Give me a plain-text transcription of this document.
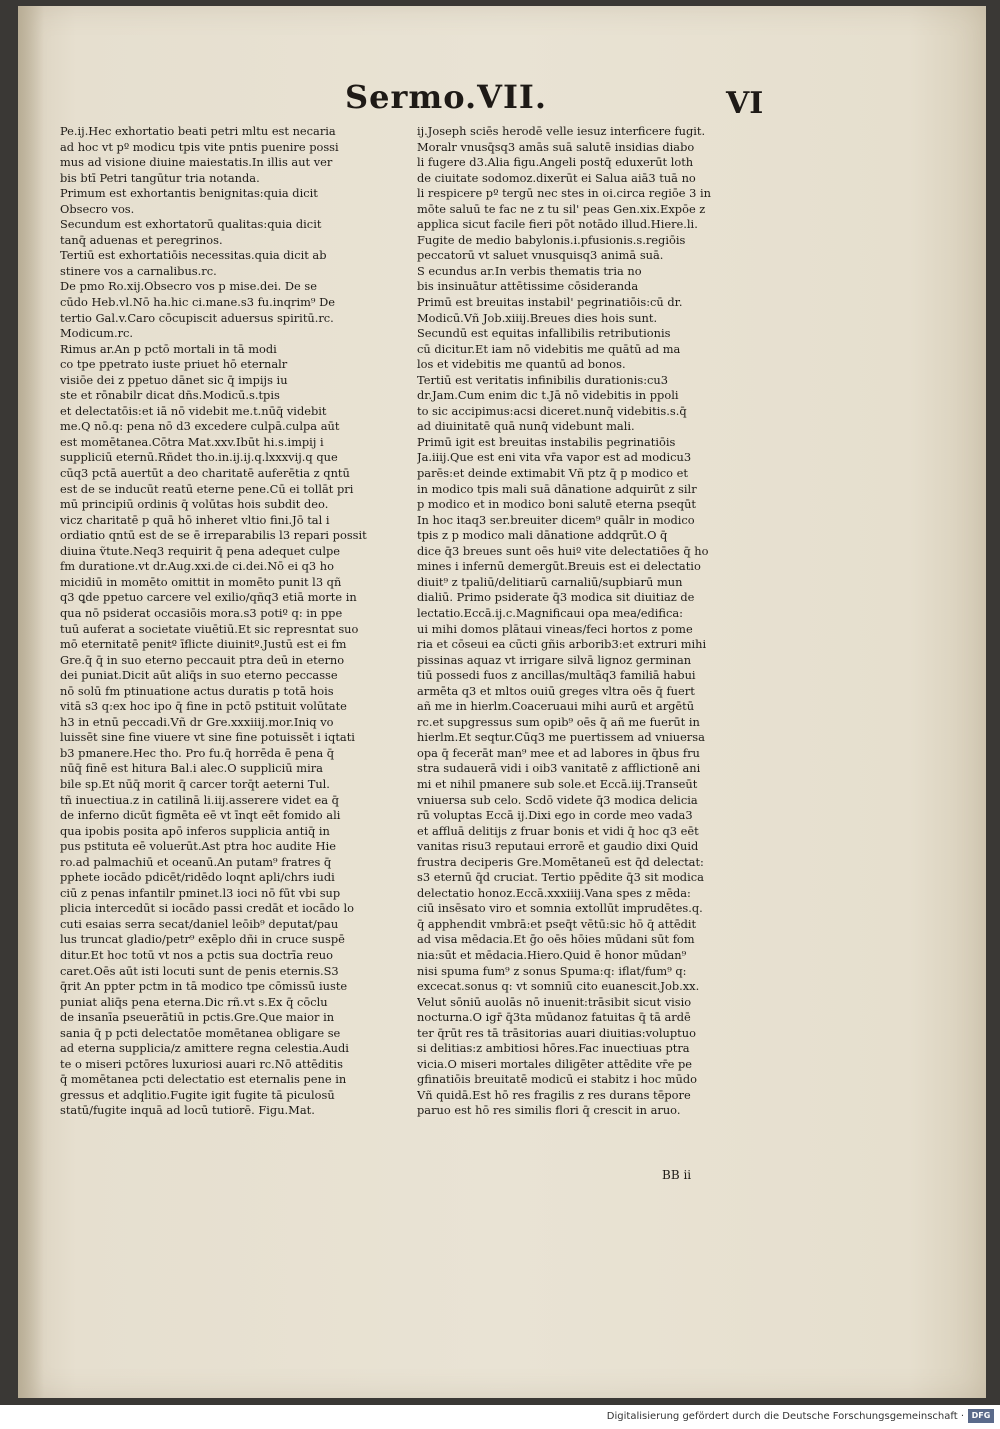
Sermo.VII.	VI
Pe.ij.Hec exhortatio beati petri mltu est necaria
ad hoc vt pº modicu tpis vite pntis puenire possi
mus ad visione diuine maiestatis.In illis aut ver
bis btī Petri tangūtur tria notanda.
Primum est exhortantis benignitas:quia dicit
Obsecro vos.
Secundum est exhortatorū qualitas:quia dicit
tanq̄ aduenas et peregrinos.
Tertiū est exhortatiōis necessitas.quia dicit ab
stinere vos a carnalibus.rc.
De pmo Ro.xij.Obsecro vos p mise.dei. De se
cūdo Heb.vl.Nō ha.hic ci.mane.s3 fu.inqrim⁹ De
tertio Gal.v.Caro cōcupiscit aduersus spiritū.rc.
Modicum.rc.
Rimus ar.An p pctō mortali in tā modi
co tpe ppetrato iuste priuet hō eternalr
visiōe dei z ppetuo dānet sic q̄ impijs iu
ste et rōnabilr dicat dn̄s.Modicū.s.tpis
et delectatōis:et iā nō videbit me.t.nūq̄ videbit
me.Q nō.q: pena nō d3 excedere culpā.culpa aūt
est momētanea.Cōtra Mat.xxv.Ibūt hi.s.impij i
suppliciū eternū.Rñdet tho.in.ij.ij.q.lxxxvij.q que
cūq3 pctā auertūt a deo charitatē auferētia z qntū
est de se inducūt reatū eterne pene.Cū ei tollāt pri
mū principiū ordinis q̄ volūtas hois subdit deo.
vicz charitatē p quā hō inheret vltio fini.Jō tal i
ordiatio qntū est de se ē irreparabilis l3 repari possit
diuina ṽtute.Neq3 requirit q̄ pena adequet culpe
fm duratione.vt dr.Aug.xxi.de ci.dei.Nō ei q3 ho
micidiū in momēto omittit in momēto punit l3 qñ
q3 ꝗde ppetuo carcere vel exilio/qñq3 etiā morte in
qua nō psiderat occasiōis mora.s3 potiº q: in ppe
tuū auferat a societate viuētiū.Et sic represntat suo
mō eternitatē penitº īflicte diuinitº.Justū est ei fm
Gre.q̄ q̄ in suo eterno peccauit ptra deū in eterno
dei puniat.Dicit aūt aliq̄s in suo eterno peccasse
nō solū fm ptinuatione actus duratis p totā hois
vitā s3 q:ex hoc ipo q̄ fine in pctō pstituit volūtate
h3 in etnū peccadi.Vñ dr Gre.xxxiiij.mor.Iniq vo
luissēt sine fine viuere vt sine fine potuissēt i iqtati
b3 pmanere.Hec tho. Pro fu.q̄ horrēda ē pena q̄
nūq̄ finē est hitura Bal.i alec.O suppliciū mira
bile sp.Et nūq̄ morit q̄ carcer torq̄t aeterni Tul.
tñ inuectiua.z in catilinā li.iij.asserere videt ea q̄
de inferno dicūt figmēta eē vt īnqt eēt fomido ali
qua ipobis posita apō inferos supplicia antiq̄ in
pus pstituta eē voluerūt.Ast ptra hoc audite Hie
ro.ad palmachiū et oceanū.An putam⁹ fratres q̄
pphete iocādo pdicēt/ridēdo loqnt apli/chrs iudi
ciū z penas infantilr pminet.l3 ioci nō fūt vbi sup
plicia intercedūt si iocādo passi credāt et iocādo lo
cuti esaias serra secat/daniel leōib⁹ deputat/pau
lus truncat gladio/petr⁹ exēplo dñi in cruce suspē
ditur.Et hoc totū vt nos a pctis sua doctrīa reuo
caret.Oēs aūt isti locuti sunt de penis eternis.S3
q̄rit An ppter pctm in tā modico tpe cōmissū iuste
puniat aliq̄s pena eterna.Dic rñ.vt s.Ex q̄ cōclu
de insanīa pseuerātiū in pctis.Gre.Que maior in
sania q̄ p pcti delectatōe momētanea obligare se
ad eterna supplicia/z amittere regna celestia.Audi
te o miseri pctōres luxuriosi auari rc.Nō attēditis
q̄ momētanea pcti delectatio est eternalis pene in
gressus et adqlitio.Fugite igit fugite tā piculosū
statū/fugite inquā ad locū tutiorē. Figu.Mat.
ij.Joseph sciēs herodē velle iesuz interficere fugit.
Moralr vnusq̄sq3 amās suā salutē insidias diabo
li fugere d3.Alia figu.Angeli postq̄ eduxerūt loth
de ciuitate sodomoz.dixerūt ei Salua aiā3 tuā no
li respicere pº tergū nec stes in oi.circa regiōe 3 in
mōte saluū te fac ne z tu sil' peas Gen.xix.Expōe z
applica sicut facile fieri pōt notādo illud.Hiere.li.
Fugite de medio babylonis.i.pfusionis.s.regiōis
peccatorū vt saluet vnusquisq3 animā suā.
S ecundus ar.In verbis thematis tria no
bis insinuātur attētissime cōsideranda
Primū est breuitas instabil' pegrinatiōis:cū dr.
Modicū.Vñ Job.xiiij.Breues dies hois sunt.
Secundū est equitas infallibilis retributionis
cū dicitur.Et iam nō videbitis me quātū ad ma
los et videbitis me quantū ad bonos.
Tertiū est veritatis infinibilis durationis:cu3
dr.Jam.Cum enim dic t.Jā nō videbitis in ppoli
to sic accipimus:acsi diceret.nunq̄ videbitis.s.q̄
ad diuinitatē quā nunq̄ videbunt mali.
Primū igit est breuitas instabilis pegrinatiōis
Ja.iiij.Que est eni vita vr̄a vapor est ad modicu3
parēs:et deinde extimabit Vñ ptz q̄ p modico et
in modico tpis mali suā dānatione adquirūt z silr
p modico et in modico boni salutē eterna pseqūt
In hoc itaq3 ser.breuiter dicem⁹ quālr in modico
tpis z p modico mali dānatione addqrūt.O q̄
dice q̄3 breues sunt oēs huiº vite delectatiōes q̄ ho
mines i infernū demergūt.Breuis est ei delectatio
diuit⁹ z tpaliū/delitiarū carnaliū/supbiarū mun
dialiū. Primo psiderate q̄3 modica sit diuitiaz de
lectatio.Eccā.ij.c.Magnificaui opa mea/edifica:
ui mihi domos plātaui vineas/feci hortos z pome
ria et cōseui ea cūcti gñis arborib3:et extruri mihi
pissinas aquaz vt irrigare silvā lignoz germinan
tiū possedi fuos z ancillas/multāq3 familiā habui
armēta q3 et mltos ouiū greges vltra oēs q̄ fuert
añ me in hierlm.Coaceruaui mihi aurū et argētū
rc.et supgressus sum opib⁹ oēs q̄ añ me fuerūt in
hierlm.Et seqtur.Cūq3 me puertissem ad vniuersa
opa q̄ fecerāt man⁹ mee et ad labores in q̄bus fru
stra sudauerā vidi i oib3 vanitatē z afflictionē ani
mi et nihil pmanere sub sole.et Eccā.iij.Transeūt
vniuersa sub celo. Scdō videte q̄3 modica delicia
rū voluptas Eccā ij.Dixi ego in corde meo vada3
et affluā delitijs z fruar bonis et vidi q̄ hoc q3 eēt
vanitas risu3 reputaui errorē et gaudio dixi Quid
frustra deciperis Gre.Momētaneū est q̄d delectat:
s3 eternū q̄d cruciat. Tertio ppēdite q̄3 sit modica
delectatio honoz.Eccā.xxxiiij.Vana spes z mēda:
ciū insēsato viro et somnia extollūt imprudētes.q.
q̄ apphendit vmbrā:et pseq̄t vētū:sic hō q̄ attēdit
ad visa mēdacia.Et ḡo oēs hōies mūdani sūt fom
nia:sūt et mēdacia.Hiero.Quid ē honor mūdan⁹
nisi spuma fum⁹ z sonus Spuma:q: iflat/fum⁹ q:
excecat.sonus q: vt somniū cito euanescit.Job.xx.
Velut sōniū auolās nō inuenit:trāsibit sicut visio
nocturna.O igr̄ q̄3ta mūdanoz fatuitas q̄ tā ardē
ter q̄rūt res tā trāsitorias auari diuitias:voluptuo
si delitias:z ambitiosi hōres.Fac inuectiuas ptra
vicia.O miseri mortales diligēter attēdite vr̄e pe
gfinatiōis breuitatē modicū ei stabitz i hoc mūdo
Vñ quidā.Est hō res fragilis z res durans tēpore
paruo est hō res similis flori q̄ crescit in aruo.
BB ii
Digitalisierung gefördert durch die Deutsche Forschungsgemeinschaft · DFG
